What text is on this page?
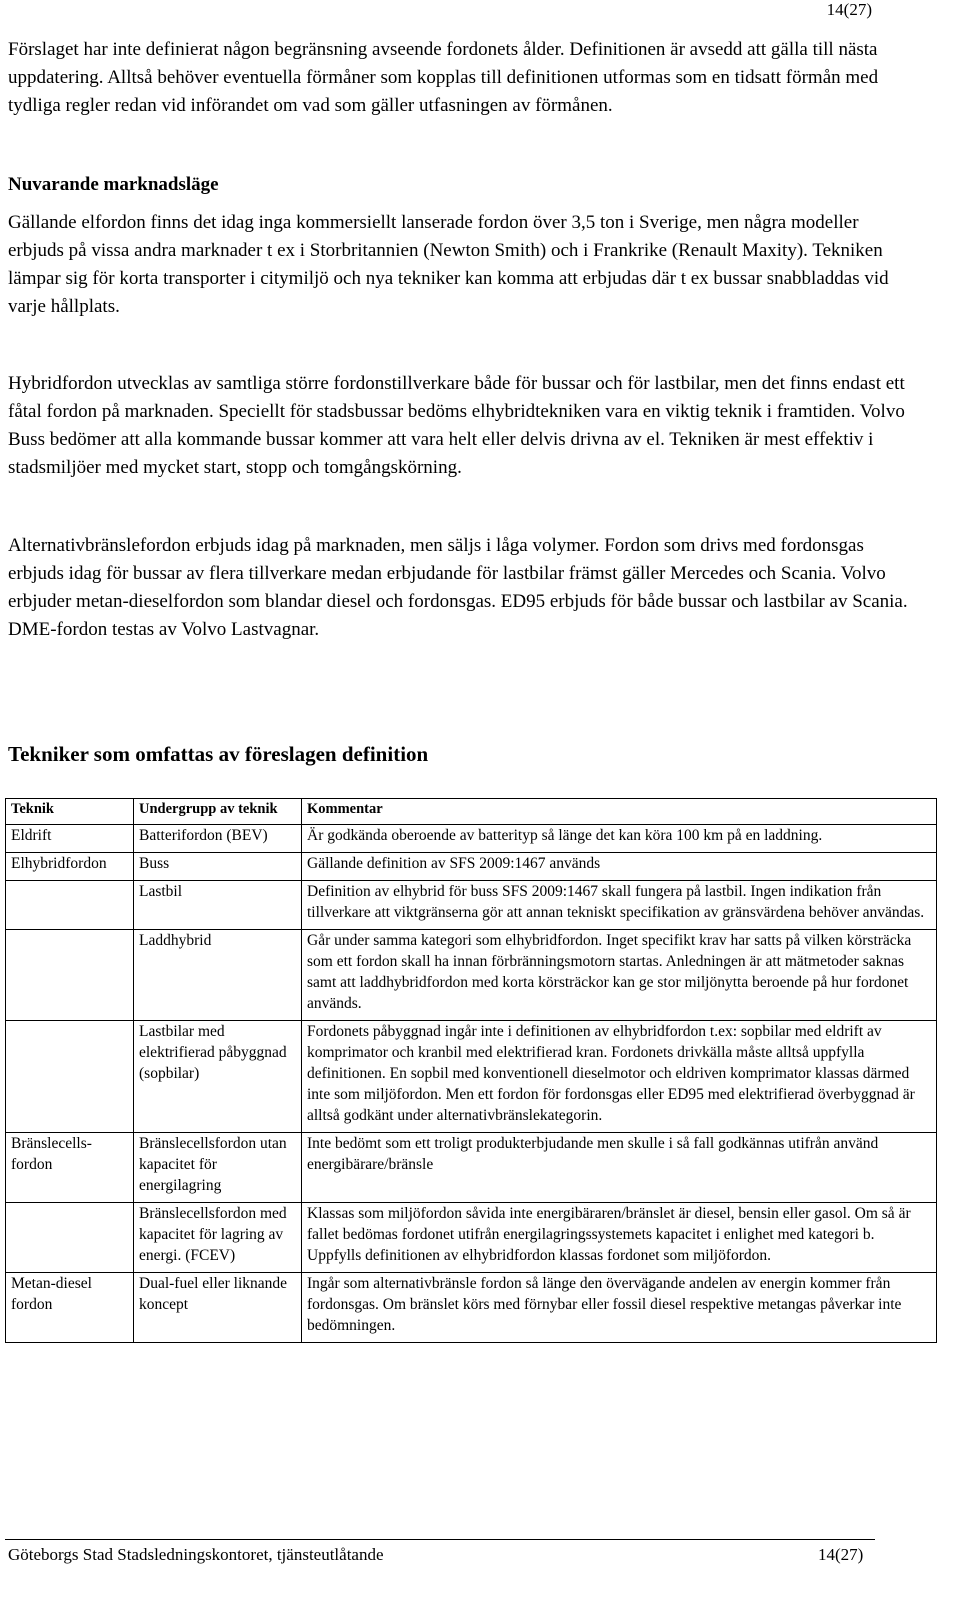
14(27)

Förslaget har inte definierat någon begränsning avseende fordonets ålder. Definitionen är avsedd att gälla till nästa uppdatering. Alltså behöver eventuella förmåner som kopplas till definitionen utformas som en tidsatt förmån med tydliga regler redan vid införandet om vad som gäller utfasningen av förmånen.

Nuvarande marknadsläge

Gällande elfordon finns det idag inga kommersiellt lanserade fordon över 3,5 ton i Sverige, men några modeller erbjuds på vissa andra marknader t ex i Storbritannien (Newton Smith) och i Frankrike (Renault Maxity). Tekniken lämpar sig för korta transporter i citymiljö och nya tekniker kan komma att erbjudas där t ex bussar snabbladdas vid varje hållplats.

Hybridfordon utvecklas av samtliga större fordonstillverkare både för bussar och för lastbilar, men det finns endast ett fåtal fordon på marknaden. Speciellt för stadsbussar bedöms elhybridtekniken vara en viktig teknik i framtiden. Volvo Buss bedömer att alla kommande bussar kommer att vara helt eller delvis drivna av el. Tekniken är mest effektiv i stadsmiljöer med mycket start, stopp och tomgångskörning.

Alternativbränslefordon erbjuds idag på marknaden, men säljs i låga volymer. Fordon som drivs med fordonsgas erbjuds idag för bussar av flera tillverkare medan erbjudande för lastbilar främst gäller Mercedes och Scania. Volvo erbjuder metan-dieselfordon som blandar diesel och fordonsgas. ED95 erbjuds för både bussar och lastbilar av Scania. DME-fordon testas av Volvo Lastvagnar.

Tekniker som omfattas av föreslagen definition
Teknik	Undergrupp av teknik	Kommentar
Eldrift	Batterifordon (BEV)	Är godkända oberoende av batterityp så länge det kan köra 100 km på en laddning.
Elhybridfordon	Buss	Gällande definition av SFS 2009:1467 används
	Lastbil	Definition av elhybrid för buss SFS 2009:1467 skall fungera på lastbil. Ingen indikation från tillverkare att viktgränserna gör att annan tekniskt specifikation av gränsvärdena behöver användas.
	Laddhybrid	Går under samma kategori som elhybridfordon. Inget specifikt krav har satts på vilken körsträcka som ett fordon skall ha innan förbränningsmotorn startas. Anledningen är att mätmetoder saknas samt att laddhybridfordon med korta körsträckor kan ge stor miljönytta beroende på hur fordonet används.
	Lastbilar med elektrifierad påbyggnad (sopbilar)	Fordonets påbyggnad ingår inte i definitionen av elhybridfordon t.ex: sopbilar med eldrift av komprimator och kranbil med elektrifierad kran. Fordonets drivkälla måste alltså uppfylla definitionen. En sopbil med konventionell dieselmotor och eldriven komprimator klassas därmed inte som miljöfordon. Men ett fordon för fordonsgas eller ED95 med elektrifierad överbyggnad är alltså godkänt under alternativbränslekategorin.
Bränslecells-fordon	Bränslecellsfordon utan kapacitet för energilagring	Inte bedömt som ett troligt produkterbjudande men skulle i så fall godkännas utifrån använd energibärare/bränsle
	Bränslecellsfordon med kapacitet för lagring av energi. (FCEV)	Klassas som miljöfordon såvida inte energibäraren/bränslet är diesel, bensin eller gasol. Om så är fallet bedömas fordonet utifrån energilagringssystemets kapacitet i enlighet med kategori b. Uppfylls definitionen av elhybridfordon klassas fordonet som miljöfordon.
Metan-diesel fordon	Dual-fuel eller liknande koncept	Ingår som alternativbränsle fordon så länge den övervägande andelen av energin kommer från fordonsgas. Om bränslet körs med förnybar eller fossil diesel respektive metangas påverkar inte bedömningen.
Göteborgs Stad Stadsledningskontoret, tjänsteutlåtande	14(27)
